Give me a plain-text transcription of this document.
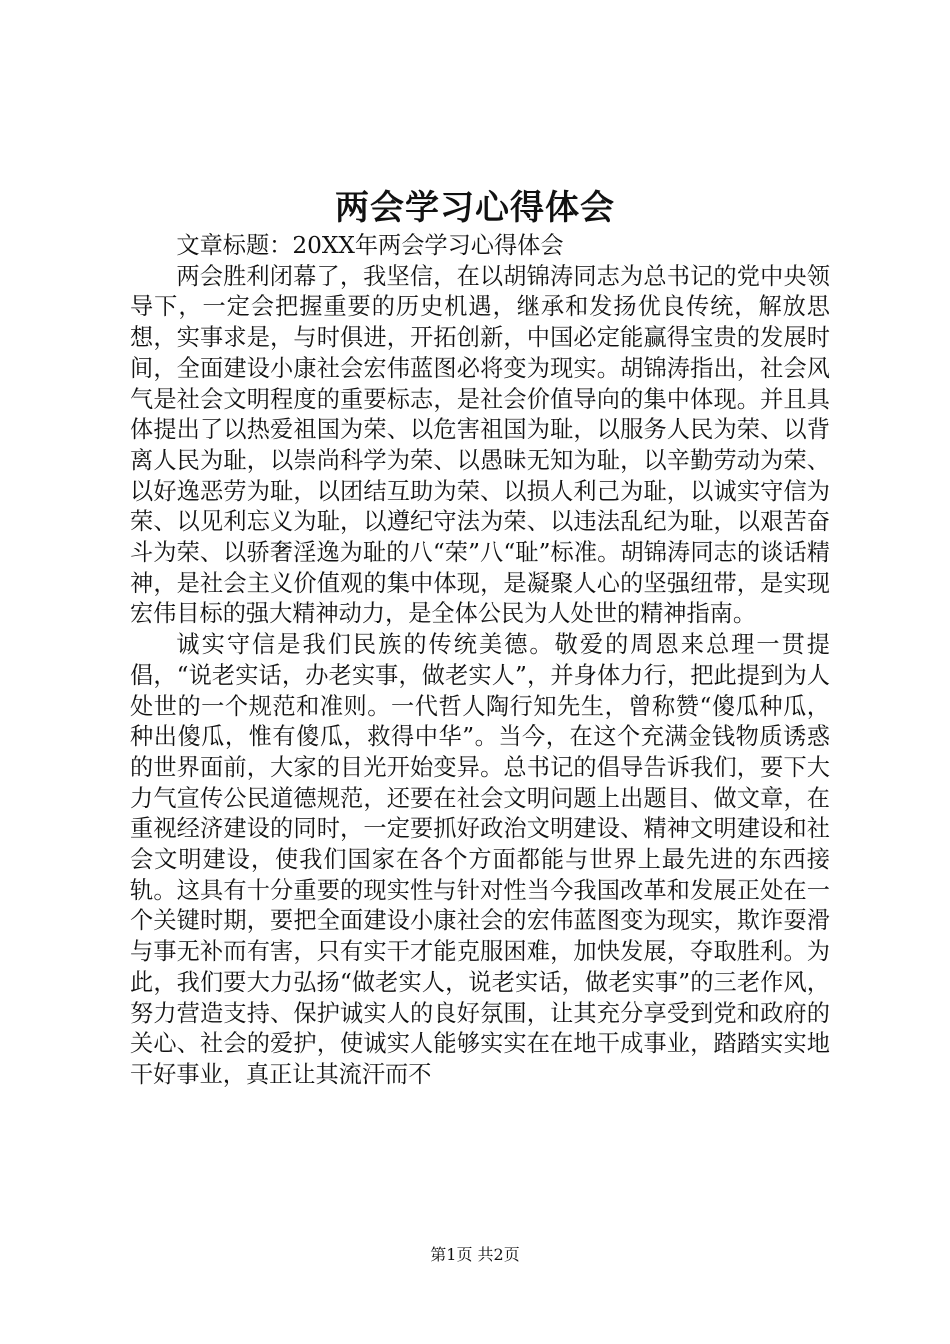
两会学习心得体会

文章标题：20XX年两会学习心得体会

两会胜利闭幕了，我坚信，在以胡锦涛同志为总书记的党中央领导下，一定会把握重要的历史机遇，继承和发扬优良传统，解放思想，实事求是，与时俱进，开拓创新，中国必定能赢得宝贵的发展时间，全面建设小康社会宏伟蓝图必将变为现实。胡锦涛指出，社会风气是社会文明程度的重要标志，是社会价值导向的集中体现。并且具体提出了以热爱祖国为荣、以危害祖国为耻，以服务人民为荣、以背离人民为耻，以崇尚科学为荣、以愚昧无知为耻，以辛勤劳动为荣、以好逸恶劳为耻，以团结互助为荣、以损人利己为耻，以诚实守信为荣、以见利忘义为耻，以遵纪守法为荣、以违法乱纪为耻，以艰苦奋斗为荣、以骄奢淫逸为耻的八“荣”八“耻”标准。胡锦涛同志的谈话精神，是社会主义价值观的集中体现，是凝聚人心的坚强纽带，是实现宏伟目标的强大精神动力，是全体公民为人处世的精神指南。

诚实守信是我们民族的传统美德。敬爱的周恩来总理一贯提倡，“说老实话，办老实事，做老实人”，并身体力行，把此提到为人处世的一个规范和准则。一代哲人陶行知先生，曾称赞“傻瓜种瓜，种出傻瓜，惟有傻瓜，救得中华”。当今，在这个充满金钱物质诱惑的世界面前，大家的目光开始变异。总书记的倡导告诉我们，要下大力气宣传公民道德规范，还要在社会文明问题上出题目、做文章，在重视经济建设的同时，一定要抓好政治文明建设、精神文明建设和社会文明建设，使我们国家在各个方面都能与世界上最先进的东西接轨。这具有十分重要的现实性与针对性当今我国改革和发展正处在一个关键时期，要把全面建设小康社会的宏伟蓝图变为现实，欺诈耍滑与事无补而有害，只有实干才能克服困难，加快发展，夺取胜利。为此，我们要大力弘扬“做老实人，说老实话，做老实事”的三老作风，努力营造支持、保护诚实人的良好氛围，让其充分享受到党和政府的关心、社会的爱护，使诚实人能够实实在在地干成事业，踏踏实实地干好事业，真正让其流汗而不

第1页 共2页
